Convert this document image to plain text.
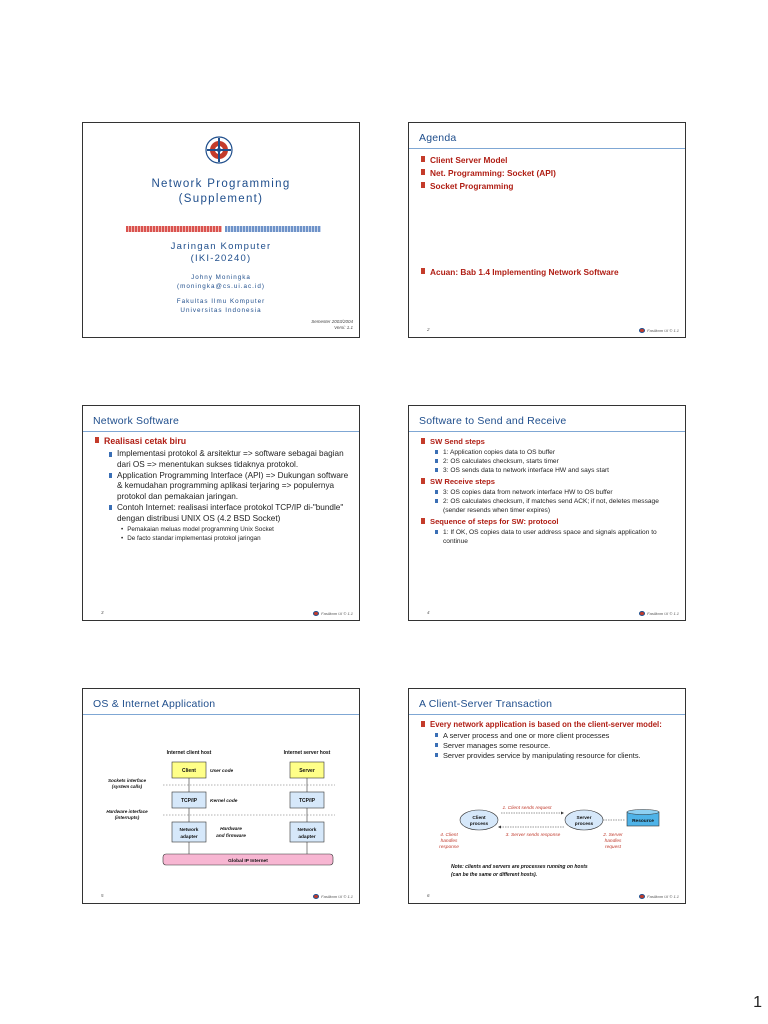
Network Programming
(Supplement)
Jaringan Komputer
(IKI-20240)
Johny Moningka
(moningka@cs.ui.ac.id)
Fakultas Ilmu Komputer
Universitas Indonesia
Semester 2003/2004
Versi: 1.1
Agenda
Client Server Model
Net. Programming: Socket (API)
Socket Programming
Acuan: Bab 1.4 Implementing Network Software
2	Fasilkom UI © 1.1
Network Software
Realisasi cetak biru
Implementasi protokol & arsitektur => software sebagai bagian dari OS => menentukan sukses tidaknya protokol.
Application Programming Interface (API) => Dukungan software & kemudahan programming aplikasi terjaring => populernya protokol dan pemakaian jaringan.
Contoh Internet: realisasi interface protokol TCP/IP di-"bundle" dengan distribusi UNIX OS (4.2 BSD Socket)
• Pemakaian meluas model programming Unix Socket
• De facto standar implementasi protokol jaringan
3	Fasilkom UI © 1.1
Software to Send and Receive
SW Send steps
1: Application copies data to OS buffer
2: OS calculates checksum, starts timer
3: OS sends data to network interface HW and says start
SW Receive steps
3: OS copies data from network interface HW to OS buffer
2: OS calculates checksum, if matches send ACK; if not, deletes message (sender resends when timer expires)
Sequence of steps for SW: protocol
1: If OK, OS copies data to user address space and signals application to continue
4	Fasilkom UI © 1.1
OS & Internet Application
Internet client host	Internet server host
Client	Server
TCP/IP	TCP/IP
Network
adapter
Network
adapter
User code
Kernel code
Hardware
and firmware
Sockets interface
(system calls)
Hardware interface
(interrupts)
Global IP Internet
5	Fasilkom UI © 1.1
A Client-Server Transaction
Every network application is based on the client-server model:
A server process and one or more client processes
Server manages some resource.
Server provides service by manipulating resource for clients.
1. Client sends request
Client
process
Server
process
3. Server sends response
Resource
4. Client
handles
response
2. Server
handles
request
Note: clients and servers are processes running on hosts
(can be the same or different hosts).
6	Fasilkom UI © 1.1
1
